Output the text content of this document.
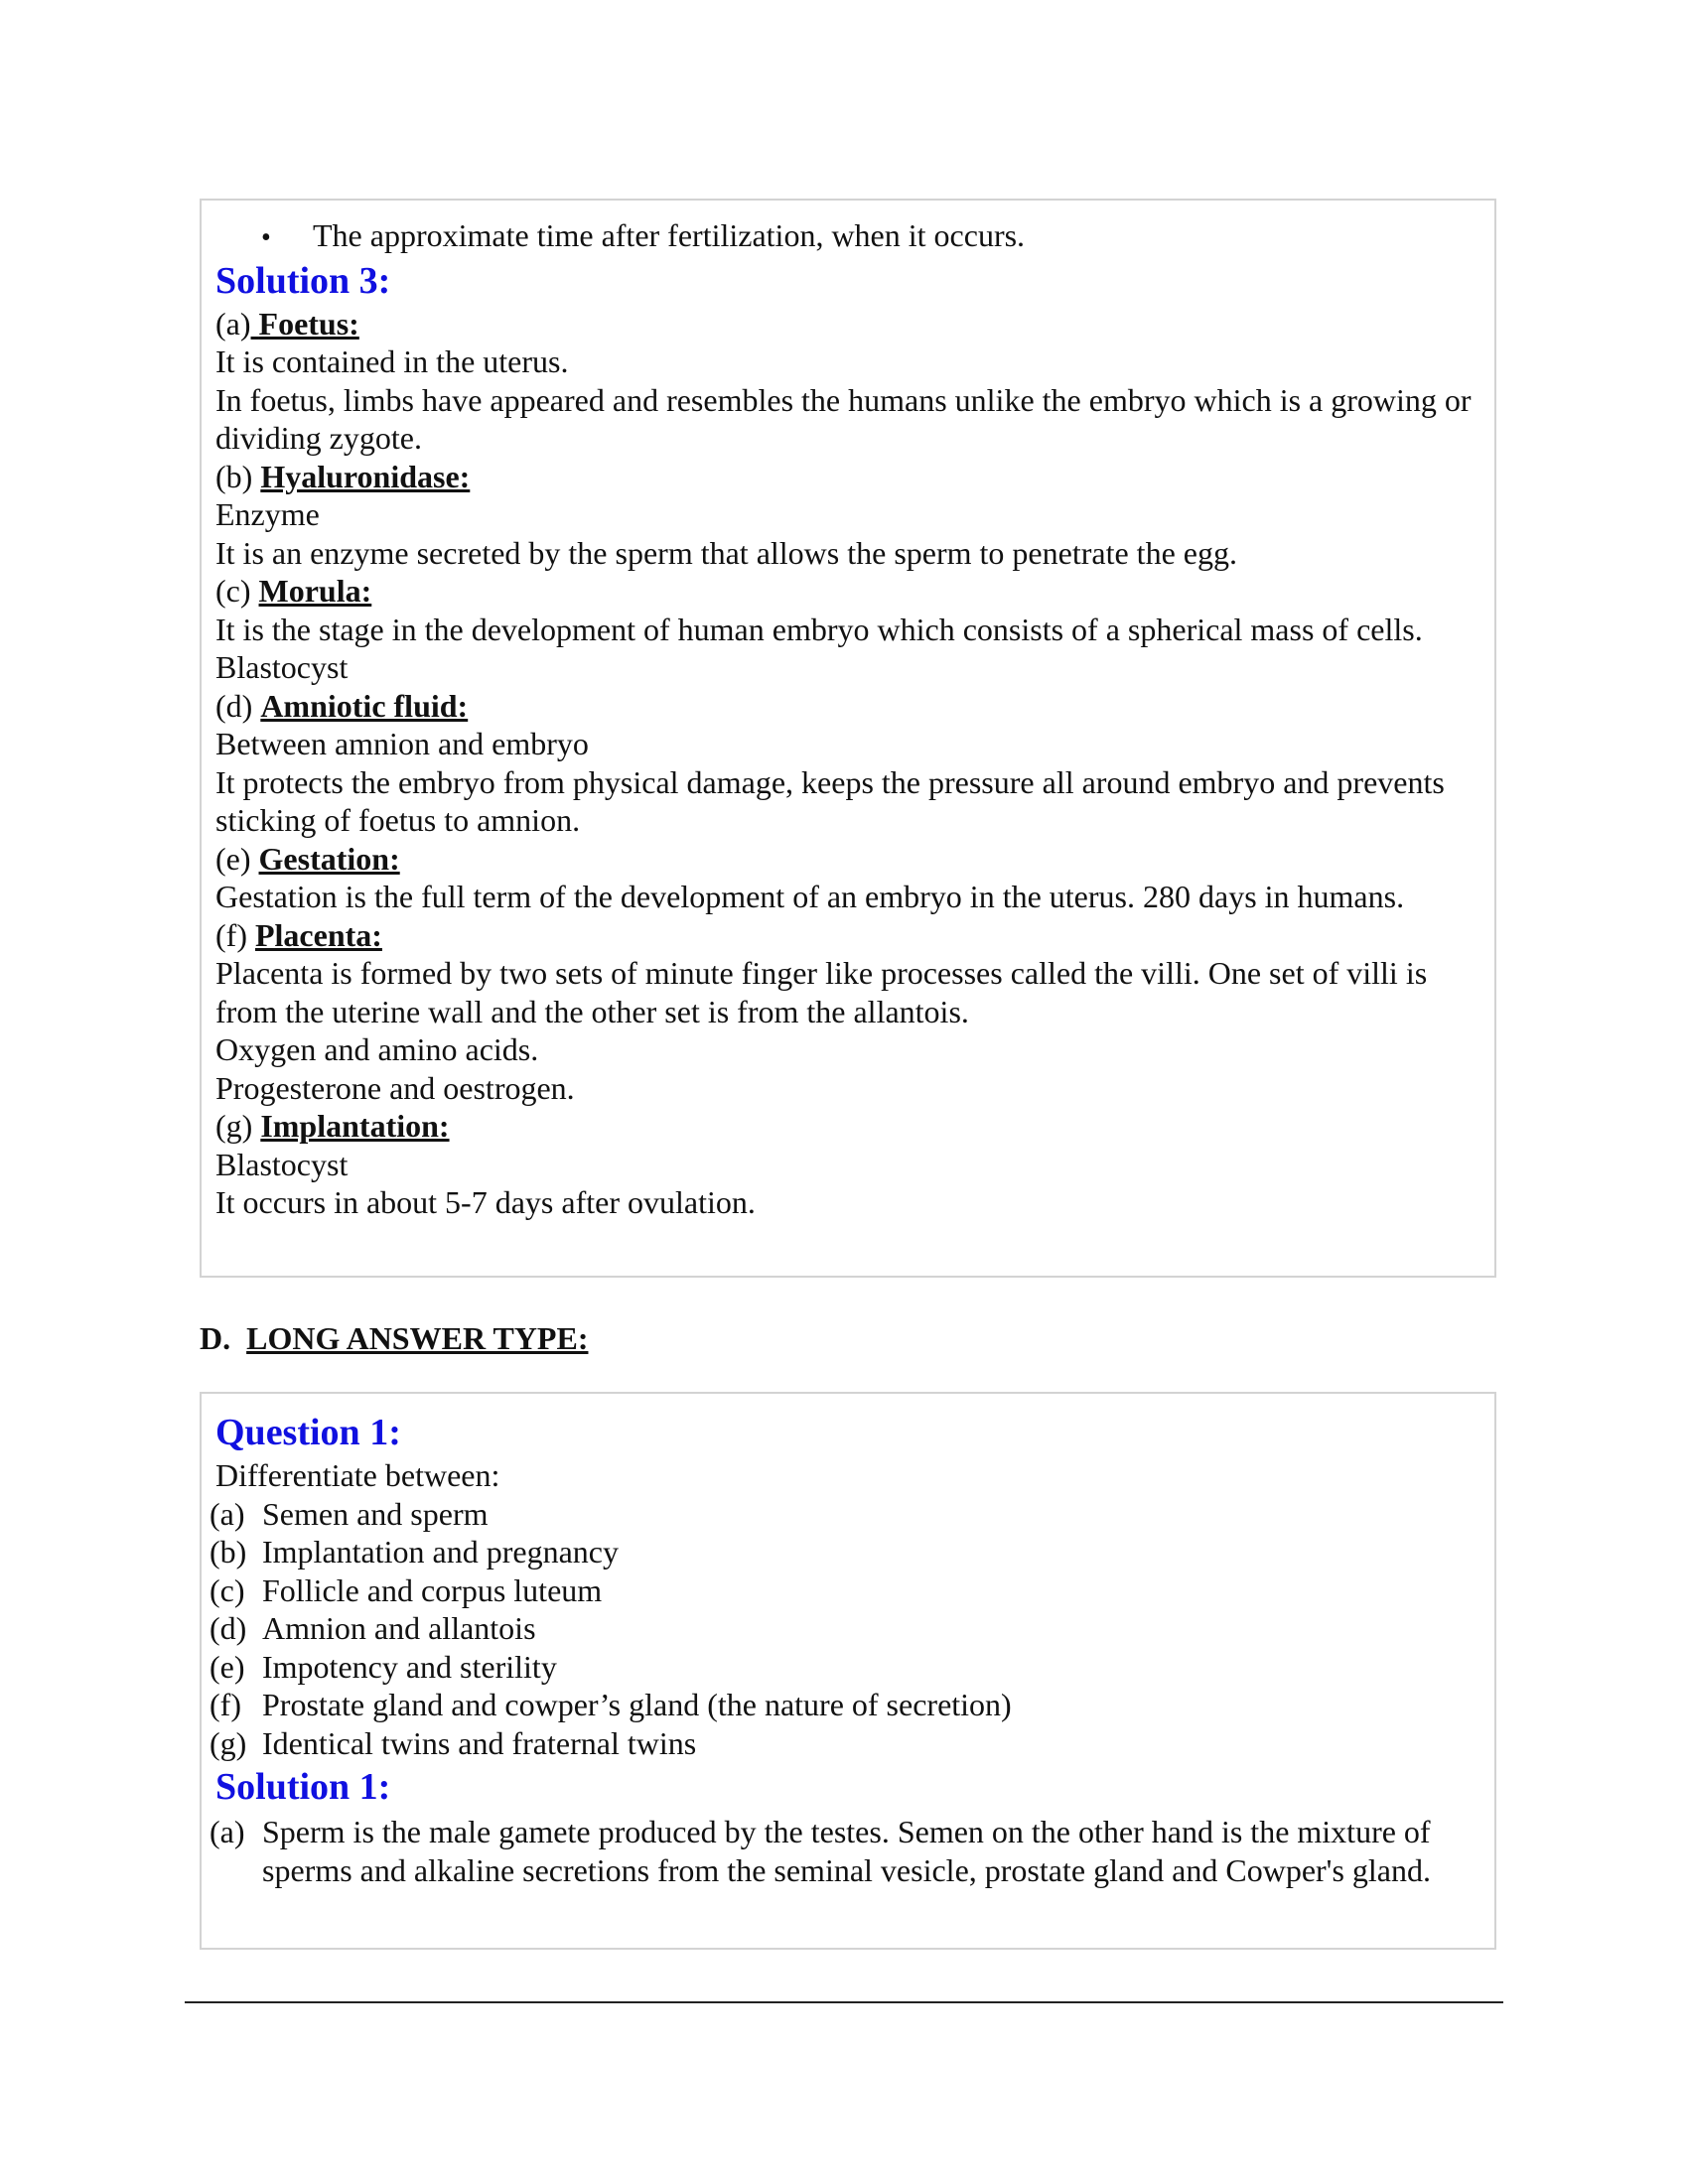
•	The approximate time after fertilization, when it occurs.
Solution 3:
(a) Foetus:
It is contained in the uterus.
In foetus, limbs have appeared and resembles the humans unlike the embryo which is a growing or dividing zygote.
(b) Hyaluronidase:
Enzyme
It is an enzyme secreted by the sperm that allows the sperm to penetrate the egg.
(c) Morula:
It is the stage in the development of human embryo which consists of a spherical mass of cells.
Blastocyst
(d) Amniotic fluid:
Between amnion and embryo
It protects the embryo from physical damage, keeps the pressure all around embryo and prevents sticking of foetus to amnion.
(e) Gestation:
Gestation is the full term of the development of an embryo in the uterus. 280 days in humans.
(f) Placenta:
Placenta is formed by two sets of minute finger like processes called the villi. One set of villi is from the uterine wall and the other set is from the allantois.
Oxygen and amino acids.
Progesterone and oestrogen.
(g) Implantation:
Blastocyst
It occurs in about 5-7 days after ovulation.
D. LONG ANSWER TYPE:
Question 1:
Differentiate between:
(a) Semen and sperm
(b) Implantation and pregnancy
(c) Follicle and corpus luteum
(d) Amnion and allantois
(e) Impotency and sterility
(f) Prostate gland and cowper’s gland (the nature of secretion)
(g) Identical twins and fraternal twins
Solution 1:
(a) Sperm is the male gamete produced by the testes. Semen on the other hand is the mixture of sperms and alkaline secretions from the seminal vesicle, prostate gland and Cowper's gland.
